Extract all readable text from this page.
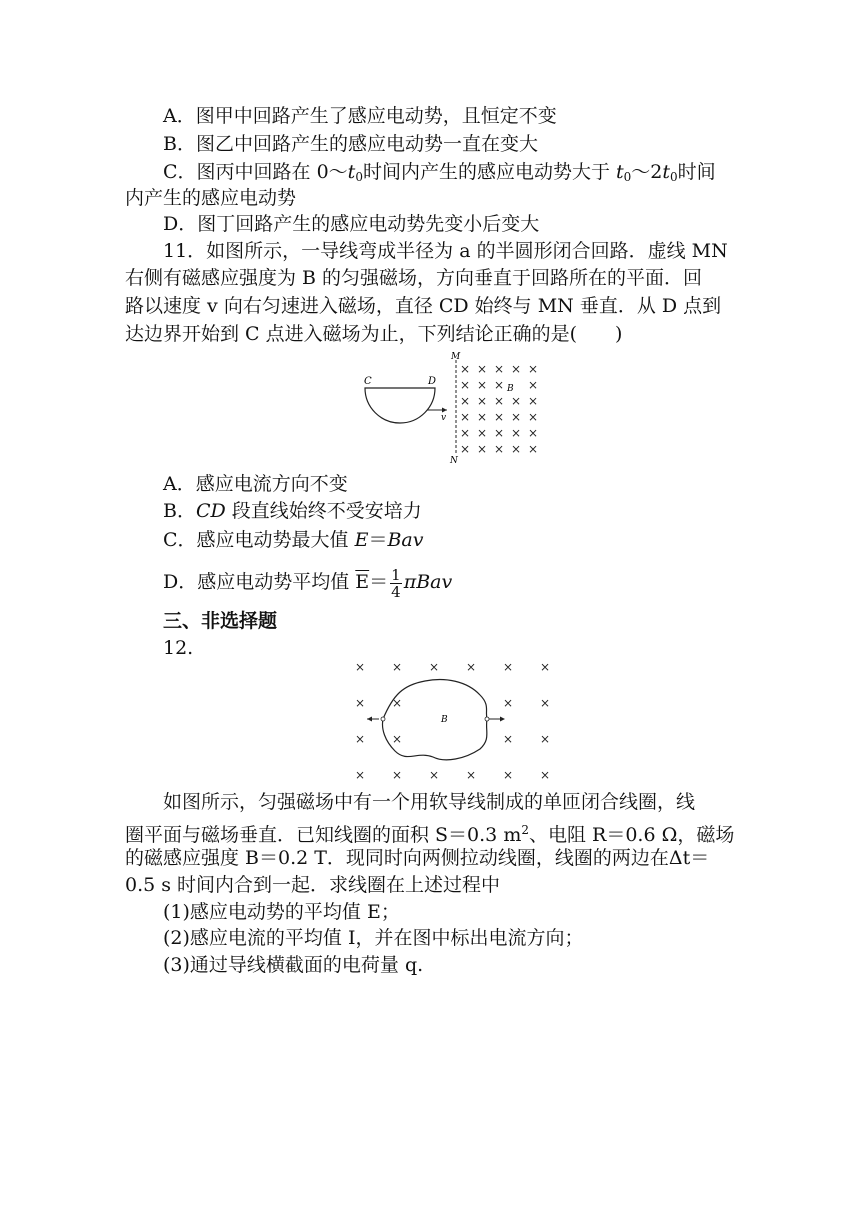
A．图甲中回路产生了感应电动势，且恒定不变
B．图乙中回路产生的感应电动势一直在变大
C．图丙中回路在 $0\sim t_0$时间内产生的感应电动势大于 $t_0\sim 2t_0$时间
内产生的感应电动势
D．图丁回路产生的感应电动势先变小后变大
11．如图所示，一导线弯成半径为 a 的半圆形闭合回路．虚线 MN
右侧有磁感应强度为 B 的匀强磁场，方向垂直于回路所在的平面．回
路以速度 v 向右匀速进入磁场，直径 CD 始终与 MN 垂直．从 D 点到
达边界开始到 C 点进入磁场为止，下列结论正确的是(　　)
C	D
v
M
N
B
× × × × ×
× × × ×
× × × × ×
× × × × ×
× × × × ×
× × × × ×
A．感应电流方向不变
B．CD 段直线始终不受安培力
C．感应电动势最大值 E＝Bav
D．感应电动势平均值 $\overline{E}= \frac{1}{4}$ πBav
三、非选择题
12.
× × × × × ×
× ×	× ×
× ×	× ×
× × × × × ×
B
如图所示，匀强磁场中有一个用软导线制成的单匝闭合线圈，线
圈平面与磁场垂直．已知线圈的面积 S＝0.3 $m^2$、电阻 R＝0.6 Ω，磁场
的磁感应强度 B＝0.2 T．现同时向两侧拉动线圈，线圈的两边在Δt＝
0.5 s 时间内合到一起．求线圈在上述过程中
(1)感应电动势的平均值 E；
(2)感应电流的平均值 I，并在图中标出电流方向；
(3)通过导线横截面的电荷量 q.
